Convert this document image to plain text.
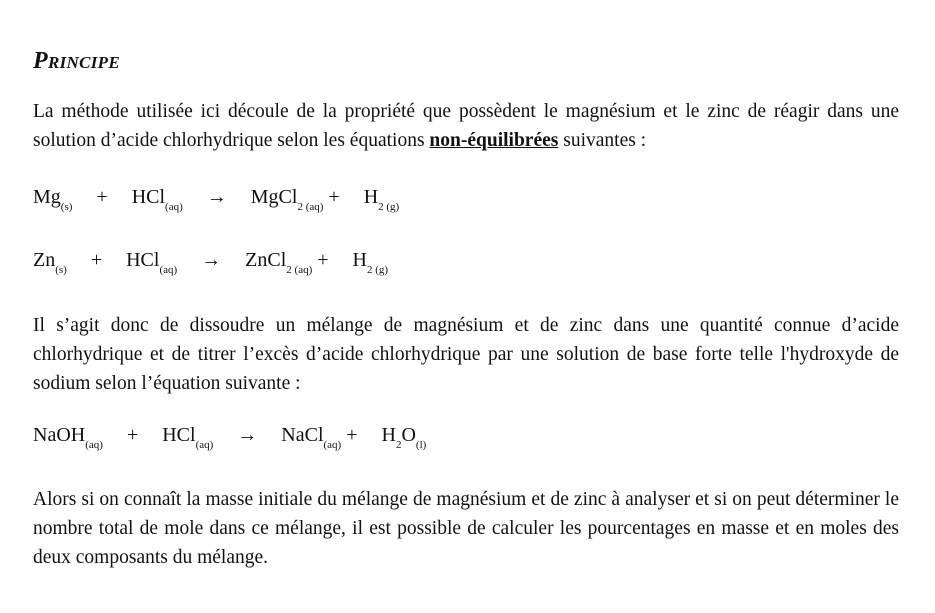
PRINCIPE

La méthode utilisée ici découle de la propriété que possèdent le magnésium et le zinc de réagir dans une solution d’acide chlorhydrique selon les équations non-équilibrées suivantes :

$Mg_{(s)} + HCl_{(aq)}$ → MgCl$_{2 (aq)}$ + $H_{2 (g)}$
$Zn_{(s)} + HCl_{(aq)}$ → ZnCl$_{2 (aq)}$ + $H_{2 (g)}$

Il s’agit donc de dissoudre un mélange de magnésium et de zinc dans une quantité connue d’acide chlorhydrique et de titrer l’excès d’acide chlorhydrique par une solution de base forte telle l'hydroxyde de sodium selon l’équation suivante :

NaOH$_{(aq)}$ + HCl$_{(aq)}$ → NaCl$_{(aq)}$ + $H_2O_{(l)}$

Alors si on connaît la masse initiale du mélange de magnésium et de zinc à analyser et si on peut déterminer le nombre total de mole dans ce mélange, il est possible de calculer les pourcentages en masse et en moles des deux composants du mélange.
